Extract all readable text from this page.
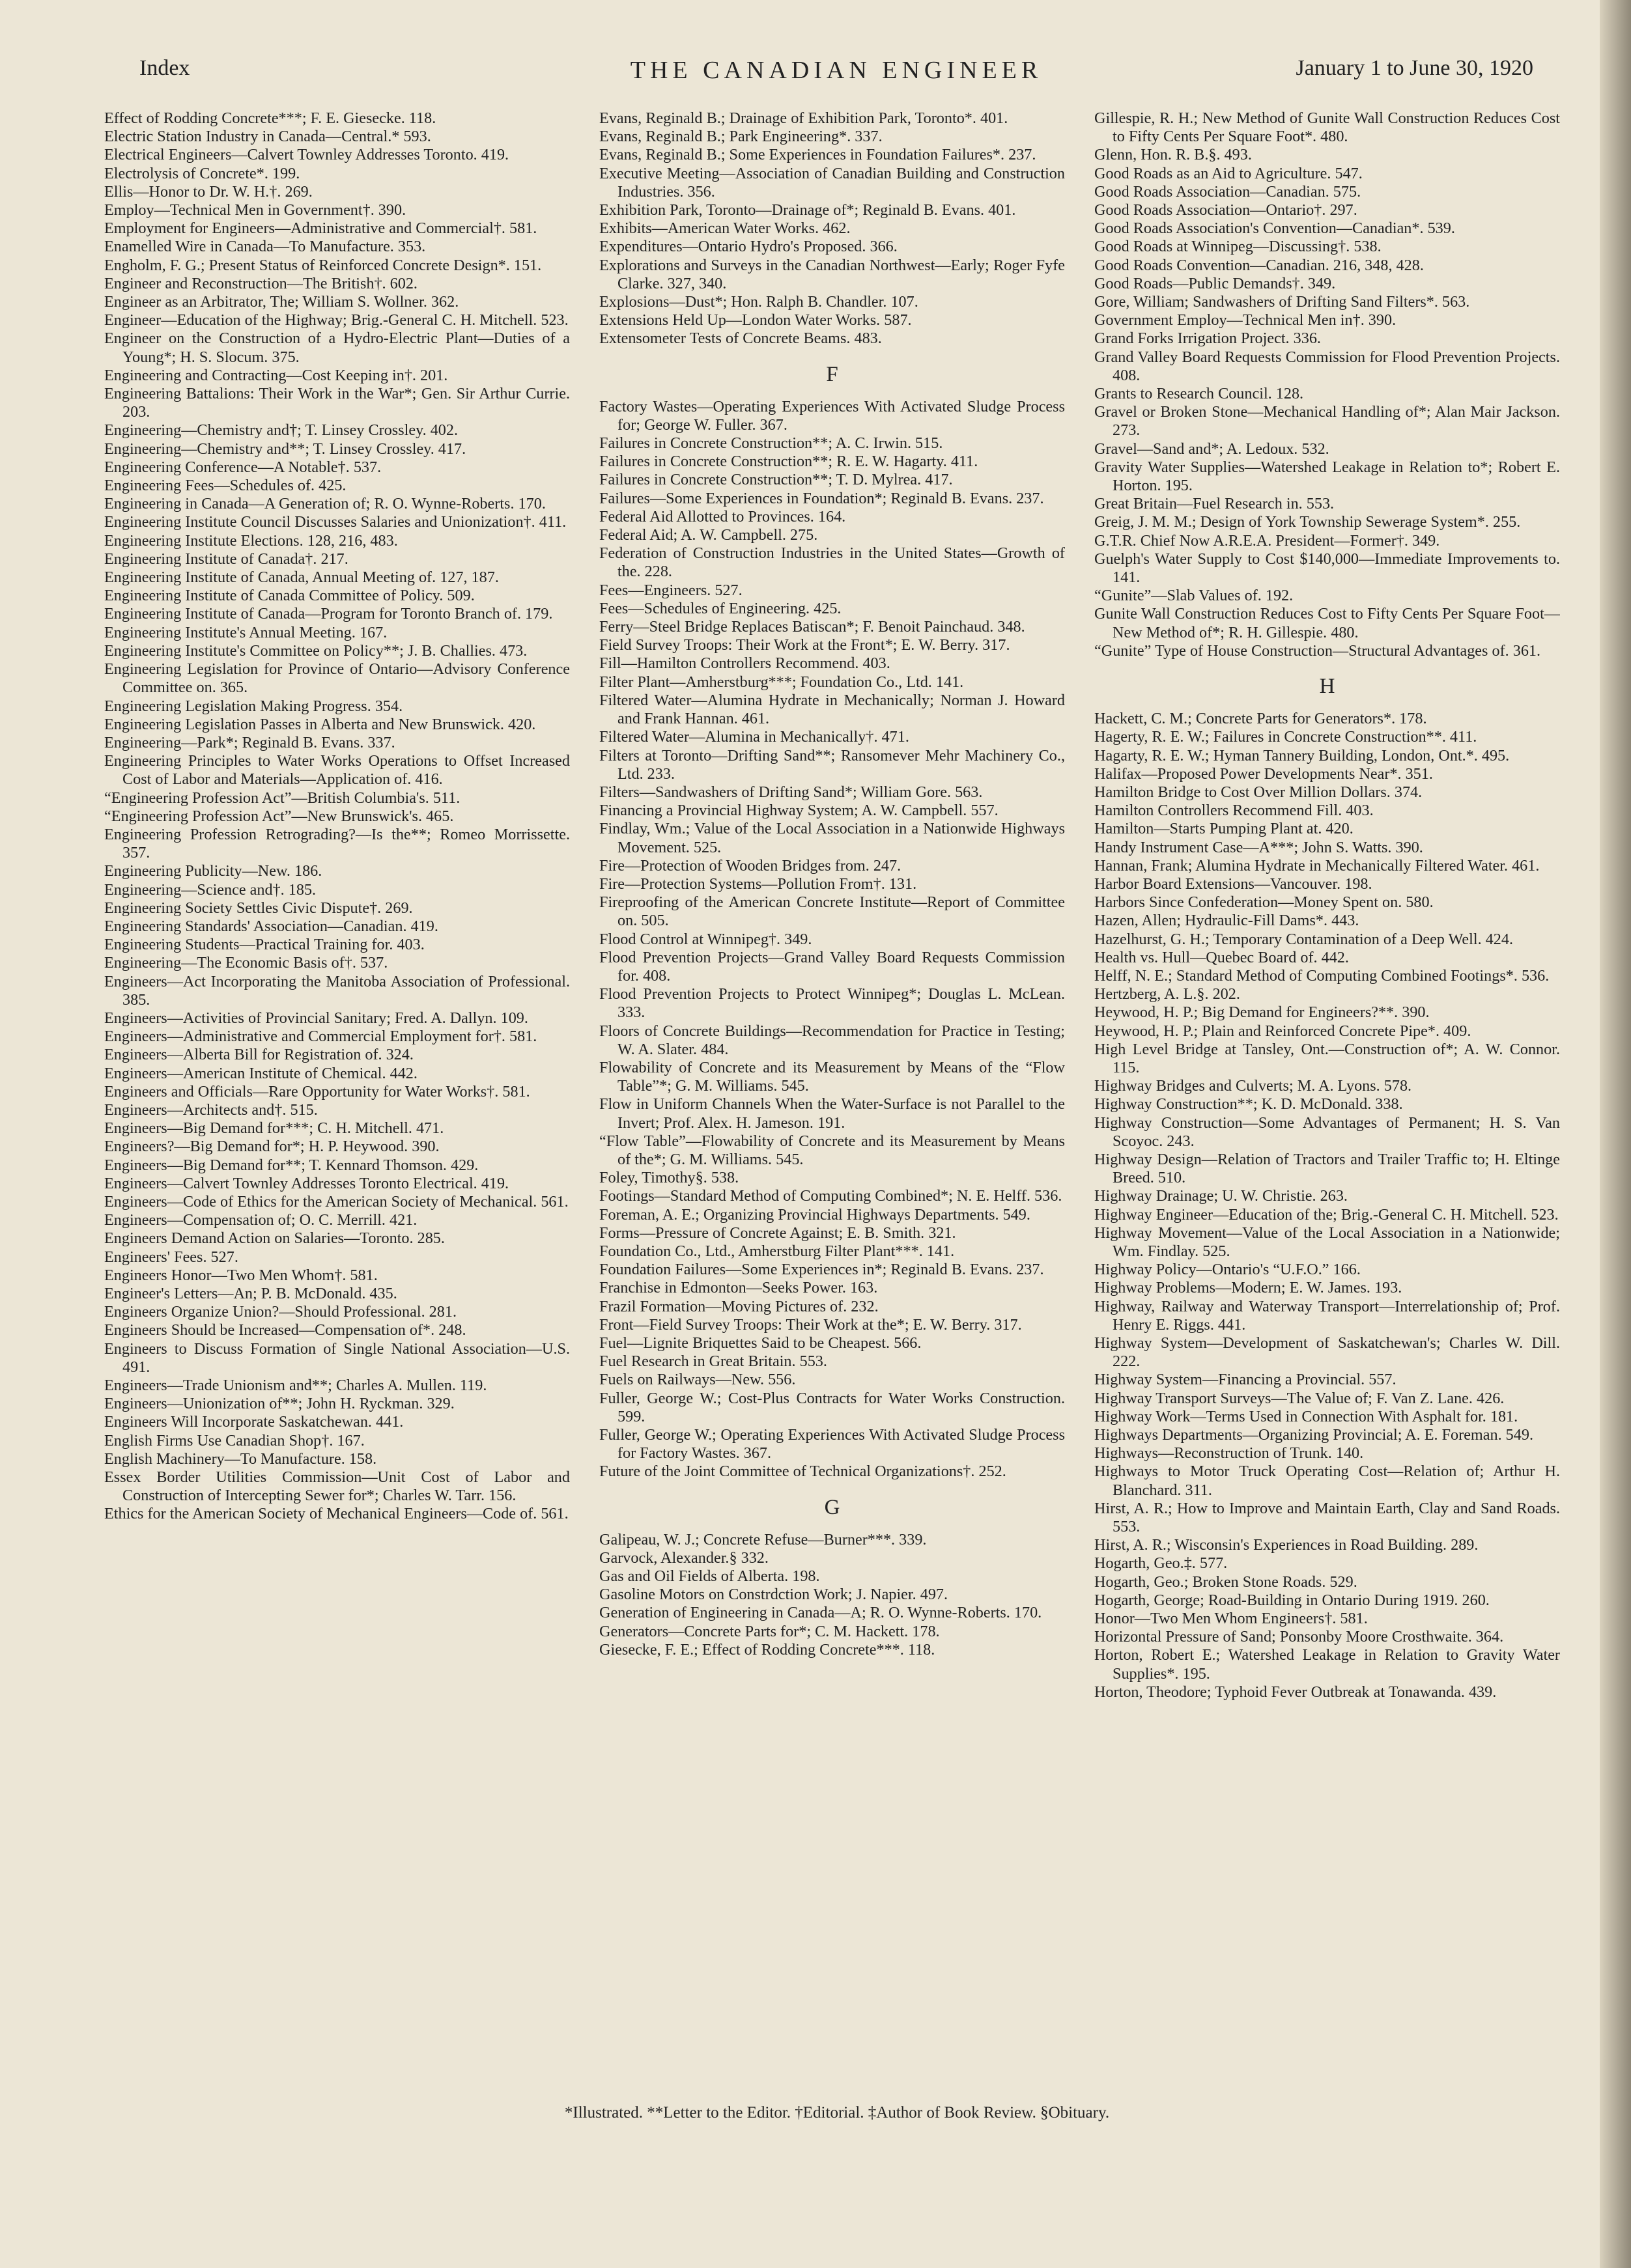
Index	THE CANADIAN ENGINEER	January 1 to June 30, 1920
Effect of Rodding Concrete***; F. E. Giesecke. 118.
Electric Station Industry in Canada—Central.* 593.
Electrical Engineers—Calvert Townley Addresses Toronto. 419.
Electrolysis of Concrete*. 199.
Ellis—Honor to Dr. W. H.†. 269.
Employ—Technical Men in Government†. 390.
Employment for Engineers—Administrative and Commercial†. 581.
Enamelled Wire in Canada—To Manufacture. 353.
Engholm, F. G.; Present Status of Reinforced Concrete Design*. 151.
Engineer and Reconstruction—The British†. 602.
Engineer as an Arbitrator, The; William S. Wollner. 362.
Engineer—Education of the Highway; Brig.-General C. H. Mitchell. 523.
Engineer on the Construction of a Hydro-Electric Plant—Duties of a Young*; H. S. Slocum. 375.
Engineering and Contracting—Cost Keeping in†. 201.
Engineering Battalions: Their Work in the War*; Gen. Sir Arthur Currie. 203.
Engineering—Chemistry and†; T. Linsey Crossley. 402.
Engineering—Chemistry and**; T. Linsey Crossley. 417.
Engineering Conference—A Notable†. 537.
Engineering Fees—Schedules of. 425.
Engineering in Canada—A Generation of; R. O. Wynne-Roberts. 170.
Engineering Institute Council Discusses Salaries and Unionization†. 411.
Engineering Institute Elections. 128, 216, 483.
Engineering Institute of Canada†. 217.
Engineering Institute of Canada, Annual Meeting of. 127, 187.
Engineering Institute of Canada Committee of Policy. 509.
Engineering Institute of Canada—Program for Toronto Branch of. 179.
Engineering Institute's Annual Meeting. 167.
Engineering Institute's Committee on Policy**; J. B. Challies. 473.
Engineering Legislation for Province of Ontario—Advisory Conference Committee on. 365.
Engineering Legislation Making Progress. 354.
Engineering Legislation Passes in Alberta and New Brunswick. 420.
Engineering—Park*; Reginald B. Evans. 337.
Engineering Principles to Water Works Operations to Offset Increased Cost of Labor and Materials—Application of. 416.
“Engineering Profession Act”—British Columbia's. 511.
“Engineering Profession Act”—New Brunswick's. 465.
Engineering Profession Retrograding?—Is the**; Romeo Morrissette. 357.
Engineering Publicity—New. 186.
Engineering—Science and†. 185.
Engineering Society Settles Civic Dispute†. 269.
Engineering Standards' Association—Canadian. 419.
Engineering Students—Practical Training for. 403.
Engineering—The Economic Basis of†. 537.
Engineers—Act Incorporating the Manitoba Association of Professional. 385.
Engineers—Activities of Provincial Sanitary; Fred. A. Dallyn. 109.
Engineers—Administrative and Commercial Employment for†. 581.
Engineers—Alberta Bill for Registration of. 324.
Engineers—American Institute of Chemical. 442.
Engineers and Officials—Rare Opportunity for Water Works†. 581.
Engineers—Architects and†. 515.
Engineers—Big Demand for***; C. H. Mitchell. 471.
Engineers?—Big Demand for*; H. P. Heywood. 390.
Engineers—Big Demand for**; T. Kennard Thomson. 429.
Engineers—Calvert Townley Addresses Toronto Electrical. 419.
Engineers—Code of Ethics for the American Society of Mechanical. 561.
Engineers—Compensation of; O. C. Merrill. 421.
Engineers Demand Action on Salaries—Toronto. 285.
Engineers' Fees. 527.
Engineers Honor—Two Men Whom†. 581.
Engineer's Letters—An; P. B. McDonald. 435.
Engineers Organize Union?—Should Professional. 281.
Engineers Should be Increased—Compensation of*. 248.
Engineers to Discuss Formation of Single National Association—U.S. 491.
Engineers—Trade Unionism and**; Charles A. Mullen. 119.
Engineers—Unionization of**; John H. Ryckman. 329.
Engineers Will Incorporate Saskatchewan. 441.
English Firms Use Canadian Shop†. 167.
English Machinery—To Manufacture. 158.
Essex Border Utilities Commission—Unit Cost of Labor and Construction of Intercepting Sewer for*; Charles W. Tarr. 156.
Ethics for the American Society of Mechanical Engineers—Code of. 561.
Evans, Reginald B.; Drainage of Exhibition Park, Toronto*. 401.
Evans, Reginald B.; Park Engineering*. 337.
Evans, Reginald B.; Some Experiences in Foundation Failures*. 237.
Executive Meeting—Association of Canadian Building and Construction Industries. 356.
Exhibition Park, Toronto—Drainage of*; Reginald B. Evans. 401.
Exhibits—American Water Works. 462.
Expenditures—Ontario Hydro's Proposed. 366.
Explorations and Surveys in the Canadian Northwest—Early; Roger Fyfe Clarke. 327, 340.
Explosions—Dust*; Hon. Ralph B. Chandler. 107.
Extensions Held Up—London Water Works. 587.
Extensometer Tests of Concrete Beams. 483.
F
Factory Wastes—Operating Experiences With Activated Sludge Process for; George W. Fuller. 367.
Failures in Concrete Construction**; A. C. Irwin. 515.
Failures in Concrete Construction**; R. E. W. Hagarty. 411.
Failures in Concrete Construction**; T. D. Mylrea. 417.
Failures—Some Experiences in Foundation*; Reginald B. Evans. 237.
Federal Aid Allotted to Provinces. 164.
Federal Aid; A. W. Campbell. 275.
Federation of Construction Industries in the United States—Growth of the. 228.
Fees—Engineers. 527.
Fees—Schedules of Engineering. 425.
Ferry—Steel Bridge Replaces Batiscan*; F. Benoit Painchaud. 348.
Field Survey Troops: Their Work at the Front*; E. W. Berry. 317.
Fill—Hamilton Controllers Recommend. 403.
Filter Plant—Amherstburg***; Foundation Co., Ltd. 141.
Filtered Water—Alumina Hydrate in Mechanically; Norman J. Howard and Frank Hannan. 461.
Filtered Water—Alumina in Mechanically†. 471.
Filters at Toronto—Drifting Sand**; Ransomever Mehr Machinery Co., Ltd. 233.
Filters—Sandwashers of Drifting Sand*; William Gore. 563.
Financing a Provincial Highway System; A. W. Campbell. 557.
Findlay, Wm.; Value of the Local Association in a Nationwide Highways Movement. 525.
Fire—Protection of Wooden Bridges from. 247.
Fire—Protection Systems—Pollution From†. 131.
Fireproofing of the American Concrete Institute—Report of Committee on. 505.
Flood Control at Winnipeg†. 349.
Flood Prevention Projects—Grand Valley Board Requests Commission for. 408.
Flood Prevention Projects to Protect Winnipeg*; Douglas L. McLean. 333.
Floors of Concrete Buildings—Recommendation for Practice in Testing; W. A. Slater. 484.
Flowability of Concrete and its Measurement by Means of the “Flow Table”*; G. M. Williams. 545.
Flow in Uniform Channels When the Water-Surface is not Parallel to the Invert; Prof. Alex. H. Jameson. 191.
“Flow Table”—Flowability of Concrete and its Measurement by Means of the*; G. M. Williams. 545.
Foley, Timothy§. 538.
Footings—Standard Method of Computing Combined*; N. E. Helff. 536.
Foreman, A. E.; Organizing Provincial Highways Departments. 549.
Forms—Pressure of Concrete Against; E. B. Smith. 321.
Foundation Co., Ltd., Amherstburg Filter Plant***. 141.
Foundation Failures—Some Experiences in*; Reginald B. Evans. 237.
Franchise in Edmonton—Seeks Power. 163.
Frazil Formation—Moving Pictures of. 232.
Front—Field Survey Troops: Their Work at the*; E. W. Berry. 317.
Fuel—Lignite Briquettes Said to be Cheapest. 566.
Fuel Research in Great Britain. 553.
Fuels on Railways—New. 556.
Fuller, George W.; Cost-Plus Contracts for Water Works Construction. 599.
Fuller, George W.; Operating Experiences With Activated Sludge Process for Factory Wastes. 367.
Future of the Joint Committee of Technical Organizations†. 252.
G
Galipeau, W. J.; Concrete Refuse—Burner***. 339.
Garvock, Alexander.§ 332.
Gas and Oil Fields of Alberta. 198.
Gasoline Motors on Constrdction Work; J. Napier. 497.
Generation of Engineering in Canada—A; R. O. Wynne-Roberts. 170.
Generators—Concrete Parts for*; C. M. Hackett. 178.
Giesecke, F. E.; Effect of Rodding Concrete***. 118.
Gillespie, R. H.; New Method of Gunite Wall Construction Reduces Cost to Fifty Cents Per Square Foot*. 480.
Glenn, Hon. R. B.§. 493.
Good Roads as an Aid to Agriculture. 547.
Good Roads Association—Canadian. 575.
Good Roads Association—Ontario†. 297.
Good Roads Association's Convention—Canadian*. 539.
Good Roads at Winnipeg—Discussing†. 538.
Good Roads Convention—Canadian. 216, 348, 428.
Good Roads—Public Demands†. 349.
Gore, William; Sandwashers of Drifting Sand Filters*. 563.
Government Employ—Technical Men in†. 390.
Grand Forks Irrigation Project. 336.
Grand Valley Board Requests Commission for Flood Prevention Projects. 408.
Grants to Research Council. 128.
Gravel or Broken Stone—Mechanical Handling of*; Alan Mair Jackson. 273.
Gravel—Sand and*; A. Ledoux. 532.
Gravity Water Supplies—Watershed Leakage in Relation to*; Robert E. Horton. 195.
Great Britain—Fuel Research in. 553.
Greig, J. M. M.; Design of York Township Sewerage System*. 255.
G.T.R. Chief Now A.R.E.A. President—Former†. 349.
Guelph's Water Supply to Cost $140,000—Immediate Improvements to. 141.
“Gunite”—Slab Values of. 192.
Gunite Wall Construction Reduces Cost to Fifty Cents Per Square Foot—New Method of*; R. H. Gillespie. 480.
“Gunite” Type of House Construction—Structural Advantages of. 361.
H
Hackett, C. M.; Concrete Parts for Generators*. 178.
Hagerty, R. E. W.; Failures in Concrete Construction**. 411.
Hagarty, R. E. W.; Hyman Tannery Building, London, Ont.*. 495.
Halifax—Proposed Power Developments Near*. 351.
Hamilton Bridge to Cost Over Million Dollars. 374.
Hamilton Controllers Recommend Fill. 403.
Hamilton—Starts Pumping Plant at. 420.
Handy Instrument Case—A***; John S. Watts. 390.
Hannan, Frank; Alumina Hydrate in Mechanically Filtered Water. 461.
Harbor Board Extensions—Vancouver. 198.
Harbors Since Confederation—Money Spent on. 580.
Hazen, Allen; Hydraulic-Fill Dams*. 443.
Hazelhurst, G. H.; Temporary Contamination of a Deep Well. 424.
Health vs. Hull—Quebec Board of. 442.
Helff, N. E.; Standard Method of Computing Combined Footings*. 536.
Hertzberg, A. L.§. 202.
Heywood, H. P.; Big Demand for Engineers?**. 390.
Heywood, H. P.; Plain and Reinforced Concrete Pipe*. 409.
High Level Bridge at Tansley, Ont.—Construction of*; A. W. Connor. 115.
Highway Bridges and Culverts; M. A. Lyons. 578.
Highway Construction**; K. D. McDonald. 338.
Highway Construction—Some Advantages of Permanent; H. S. Van Scoyoc. 243.
Highway Design—Relation of Tractors and Trailer Traffic to; H. Eltinge Breed. 510.
Highway Drainage; U. W. Christie. 263.
Highway Engineer—Education of the; Brig.-General C. H. Mitchell. 523.
Highway Movement—Value of the Local Association in a Nationwide; Wm. Findlay. 525.
Highway Policy—Ontario's “U.F.O.” 166.
Highway Problems—Modern; E. W. James. 193.
Highway, Railway and Waterway Transport—Interrelationship of; Prof. Henry E. Riggs. 441.
Highway System—Development of Saskatchewan's; Charles W. Dill. 222.
Highway System—Financing a Provincial. 557.
Highway Transport Surveys—The Value of; F. Van Z. Lane. 426.
Highway Work—Terms Used in Connection With Asphalt for. 181.
Highways Departments—Organizing Provincial; A. E. Foreman. 549.
Highways—Reconstruction of Trunk. 140.
Highways to Motor Truck Operating Cost—Relation of; Arthur H. Blanchard. 311.
Hirst, A. R.; How to Improve and Maintain Earth, Clay and Sand Roads. 553.
Hirst, A. R.; Wisconsin's Experiences in Road Building. 289.
Hogarth, Geo.‡. 577.
Hogarth, Geo.; Broken Stone Roads. 529.
Hogarth, George; Road-Building in Ontario During 1919. 260.
Honor—Two Men Whom Engineers†. 581.
Horizontal Pressure of Sand; Ponsonby Moore Crosthwaite. 364.
Horton, Robert E.; Watershed Leakage in Relation to Gravity Water Supplies*. 195.
Horton, Theodore; Typhoid Fever Outbreak at Tonawanda. 439.
*Illustrated. **Letter to the Editor. †Editorial. ‡Author of Book Review. §Obituary.
